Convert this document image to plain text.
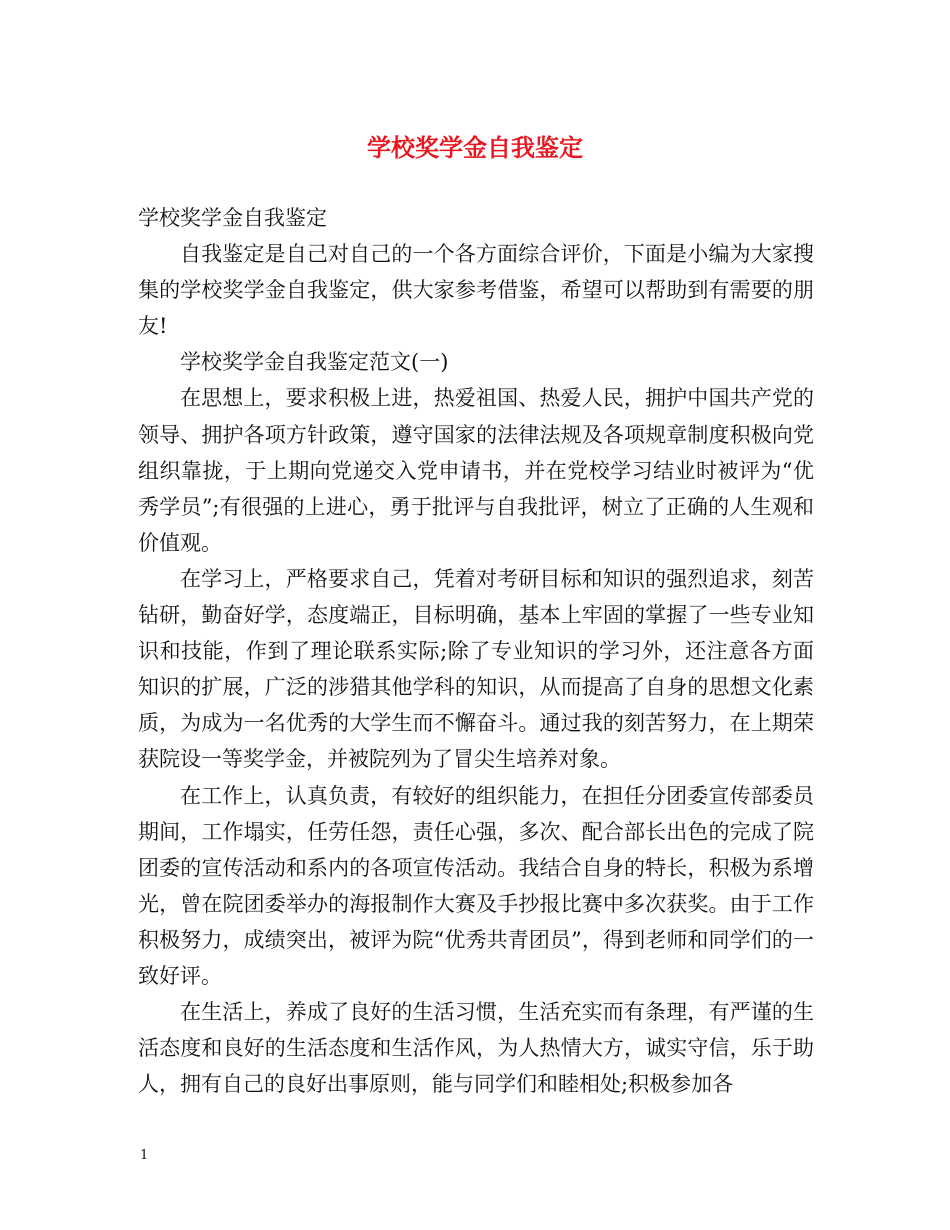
学校奖学金自我鉴定

学校奖学金自我鉴定

自我鉴定是自己对自己的一个各方面综合评价，下面是小编为大家搜集的学校奖学金自我鉴定，供大家参考借鉴，希望可以帮助到有需要的朋友!

学校奖学金自我鉴定范文(一)

在思想上，要求积极上进，热爱祖国、热爱人民，拥护中国共产党的领导、拥护各项方针政策，遵守国家的法律法规及各项规章制度积极向党组织靠拢，于上期向党递交入党申请书，并在党校学习结业时被评为“优秀学员”;有很强的上进心，勇于批评与自我批评，树立了正确的人生观和价值观。

在学习上，严格要求自己，凭着对考研目标和知识的强烈追求，刻苦钻研，勤奋好学，态度端正，目标明确，基本上牢固的掌握了一些专业知识和技能，作到了理论联系实际;除了专业知识的学习外，还注意各方面知识的扩展，广泛的涉猎其他学科的知识，从而提高了自身的思想文化素质，为成为一名优秀的大学生而不懈奋斗。通过我的刻苦努力，在上期荣获院设一等奖学金，并被院列为了冒尖生培养对象。

在工作上，认真负责，有较好的组织能力，在担任分团委宣传部委员期间，工作塌实，任劳任怨，责任心强，多次、配合部长出色的完成了院团委的宣传活动和系内的各项宣传活动。我结合自身的特长，积极为系增光，曾在院团委举办的海报制作大赛及手抄报比赛中多次获奖。由于工作积极努力，成绩突出，被评为院“优秀共青团员”，得到老师和同学们的一致好评。

在生活上，养成了良好的生活习惯，生活充实而有条理，有严谨的生活态度和良好的生活态度和生活作风，为人热情大方，诚实守信，乐于助人，拥有自己的良好出事原则，能与同学们和睦相处;积极参加各

1
